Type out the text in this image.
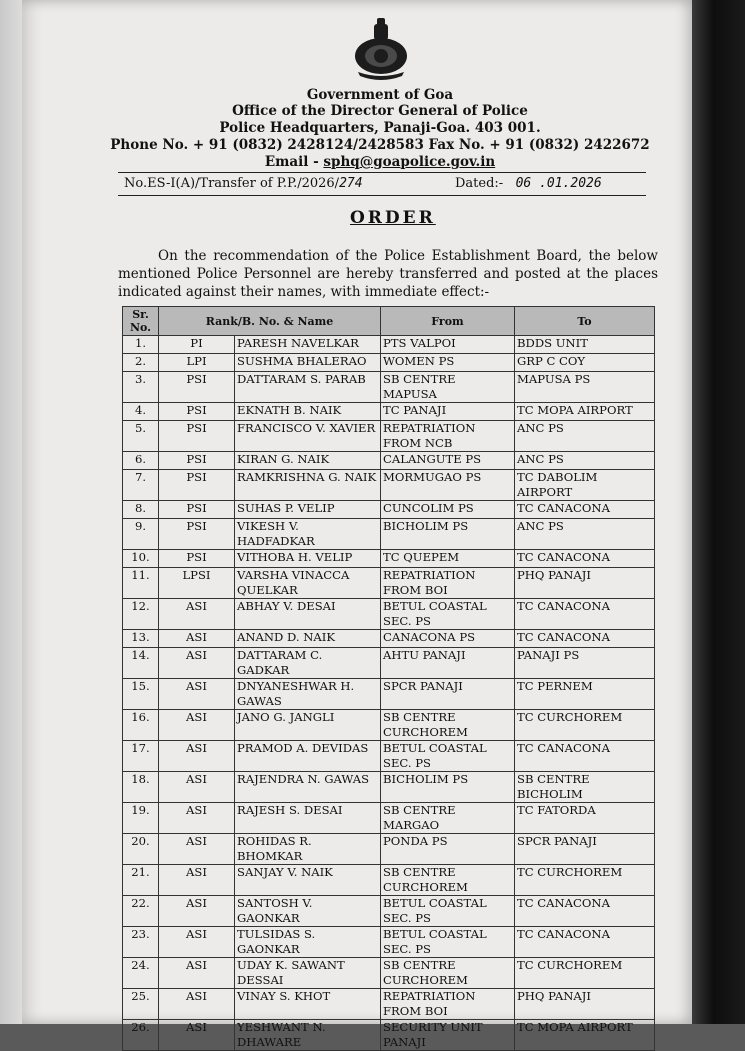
Government of Goa
Office of the Director General of Police
Police Headquarters, Panaji-Goa. 403 001.
Phone No. + 91 (0832) 2428124/2428583 Fax No. + 91 (0832) 2422672
Email - sphq@goapolice.gov.in
No.ES-I(A)/Transfer of P.P./2026/274	Dated:- 06 .01.2026
ORDER
On the recommendation of the Police Establishment Board, the below mentioned Police Personnel are hereby transferred and posted at the places indicated against their names, with immediate effect:-
Sr. No.	Rank/B. No. & Name		From	To
1.	PI	PARESH NAVELKAR	PTS VALPOI	BDDS UNIT
2.	LPI	SUSHMA BHALERAO	WOMEN PS	GRP C COY
3.	PSI	DATTARAM S. PARAB	SB CENTRE MAPUSA	MAPUSA PS
4.	PSI	EKNATH B. NAIK	TC PANAJI	TC MOPA AIRPORT
5.	PSI	FRANCISCO V. XAVIER	REPATRIATION FROM NCB	ANC PS
6.	PSI	KIRAN G. NAIK	CALANGUTE PS	ANC PS
7.	PSI	RAMKRISHNA G. NAIK	MORMUGAO PS	TC DABOLIM AIRPORT
8.	PSI	SUHAS P. VELIP	CUNCOLIM PS	TC CANACONA
9.	PSI	VIKESH V. HADFADKAR	BICHOLIM PS	ANC PS
10.	PSI	VITHOBA H. VELIP	TC QUEPEM	TC CANACONA
11.	LPSI	VARSHA VINACCA QUELKAR	REPATRIATION FROM BOI	PHQ PANAJI
12.	ASI	ABHAY V. DESAI	BETUL COASTAL SEC. PS	TC CANACONA
13.	ASI	ANAND D. NAIK	CANACONA PS	TC CANACONA
14.	ASI	DATTARAM C. GADKAR	AHTU PANAJI	PANAJI PS
15.	ASI	DNYANESHWAR H. GAWAS	SPCR PANAJI	TC PERNEM
16.	ASI	JANO G. JANGLI	SB CENTRE CURCHOREM	TC CURCHOREM
17.	ASI	PRAMOD A. DEVIDAS	BETUL COASTAL SEC. PS	TC CANACONA
18.	ASI	RAJENDRA N. GAWAS	BICHOLIM PS	SB CENTRE BICHOLIM
19.	ASI	RAJESH S. DESAI	SB CENTRE MARGAO	TC FATORDA
20.	ASI	ROHIDAS R. BHOMKAR	PONDA PS	SPCR PANAJI
21.	ASI	SANJAY V. NAIK	SB CENTRE CURCHOREM	TC CURCHOREM
22.	ASI	SANTOSH V. GAONKAR	BETUL COASTAL SEC. PS	TC CANACONA
23.	ASI	TULSIDAS S. GAONKAR	BETUL COASTAL SEC. PS	TC CANACONA
24.	ASI	UDAY K. SAWANT DESSAI	SB CENTRE CURCHOREM	TC CURCHOREM
25.	ASI	VINAY S. KHOT	REPATRIATION FROM BOI	PHQ PANAJI
26.	ASI	YESHWANT N. DHAWARE	SECURITY UNIT PANAJI	TC MOPA AIRPORT
